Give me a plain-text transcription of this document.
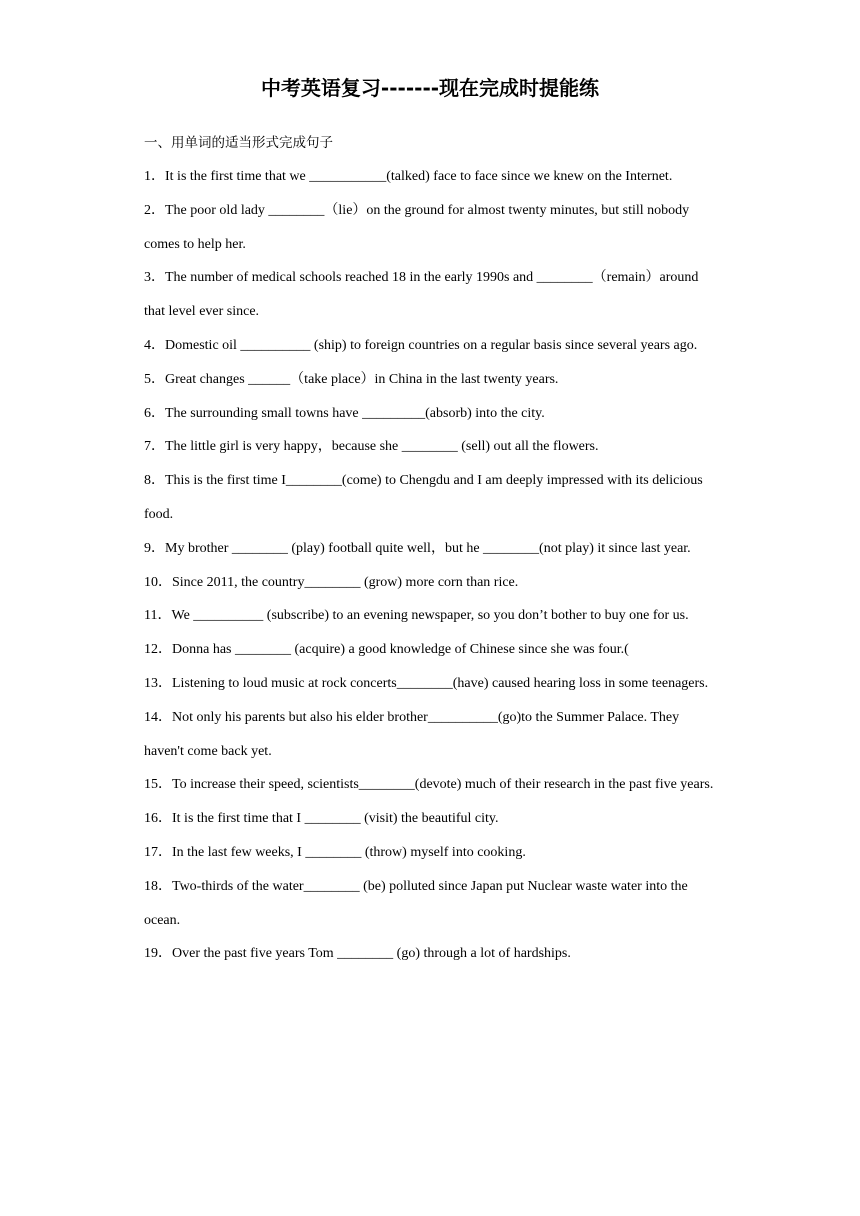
中考英语复习-------现在完成时提能练

一、用单词的适当形式完成句子

1．It is the first time that we ___________(talked) face to face since we knew on the Internet.
2．The poor old lady ________（lie）on the ground for almost twenty minutes, but still nobody comes to help her.
3．The number of medical schools reached 18 in the early 1990s and ________（remain）around that level ever since.
4．Domestic oil __________ (ship) to foreign countries on a regular basis since several years ago.
5．Great changes ______（take place）in China in the last twenty years.
6．The surrounding small towns have _________(absorb) into the city.
7．The little girl is very happy，because she ________ (sell) out all the flowers.
8．This is the first time I________(come) to Chengdu and I am deeply impressed with its delicious food.
9．My brother ________ (play) football quite well，but he ________(not play) it since last year.
10．Since 2011, the country________ (grow) more corn than rice.
11．We __________ (subscribe) to an evening newspaper, so you don’t bother to buy one for us.
12．Donna has ________ (acquire) a good knowledge of Chinese since she was four.(
13．Listening to loud music at rock concerts________(have) caused hearing loss in some teenagers.
14．Not only his parents but also his elder brother__________(go)to the Summer Palace. They haven't come back yet.
15．To increase their speed, scientists________(devote) much of their research in the past five years.
16．It is the first time that I ________ (visit) the beautiful city.
17．In the last few weeks, I ________ (throw) myself into cooking.
18．Two-thirds of the water________ (be) polluted since Japan put Nuclear waste water into the ocean.
19．Over the past five years Tom ________ (go) through a lot of hardships.
